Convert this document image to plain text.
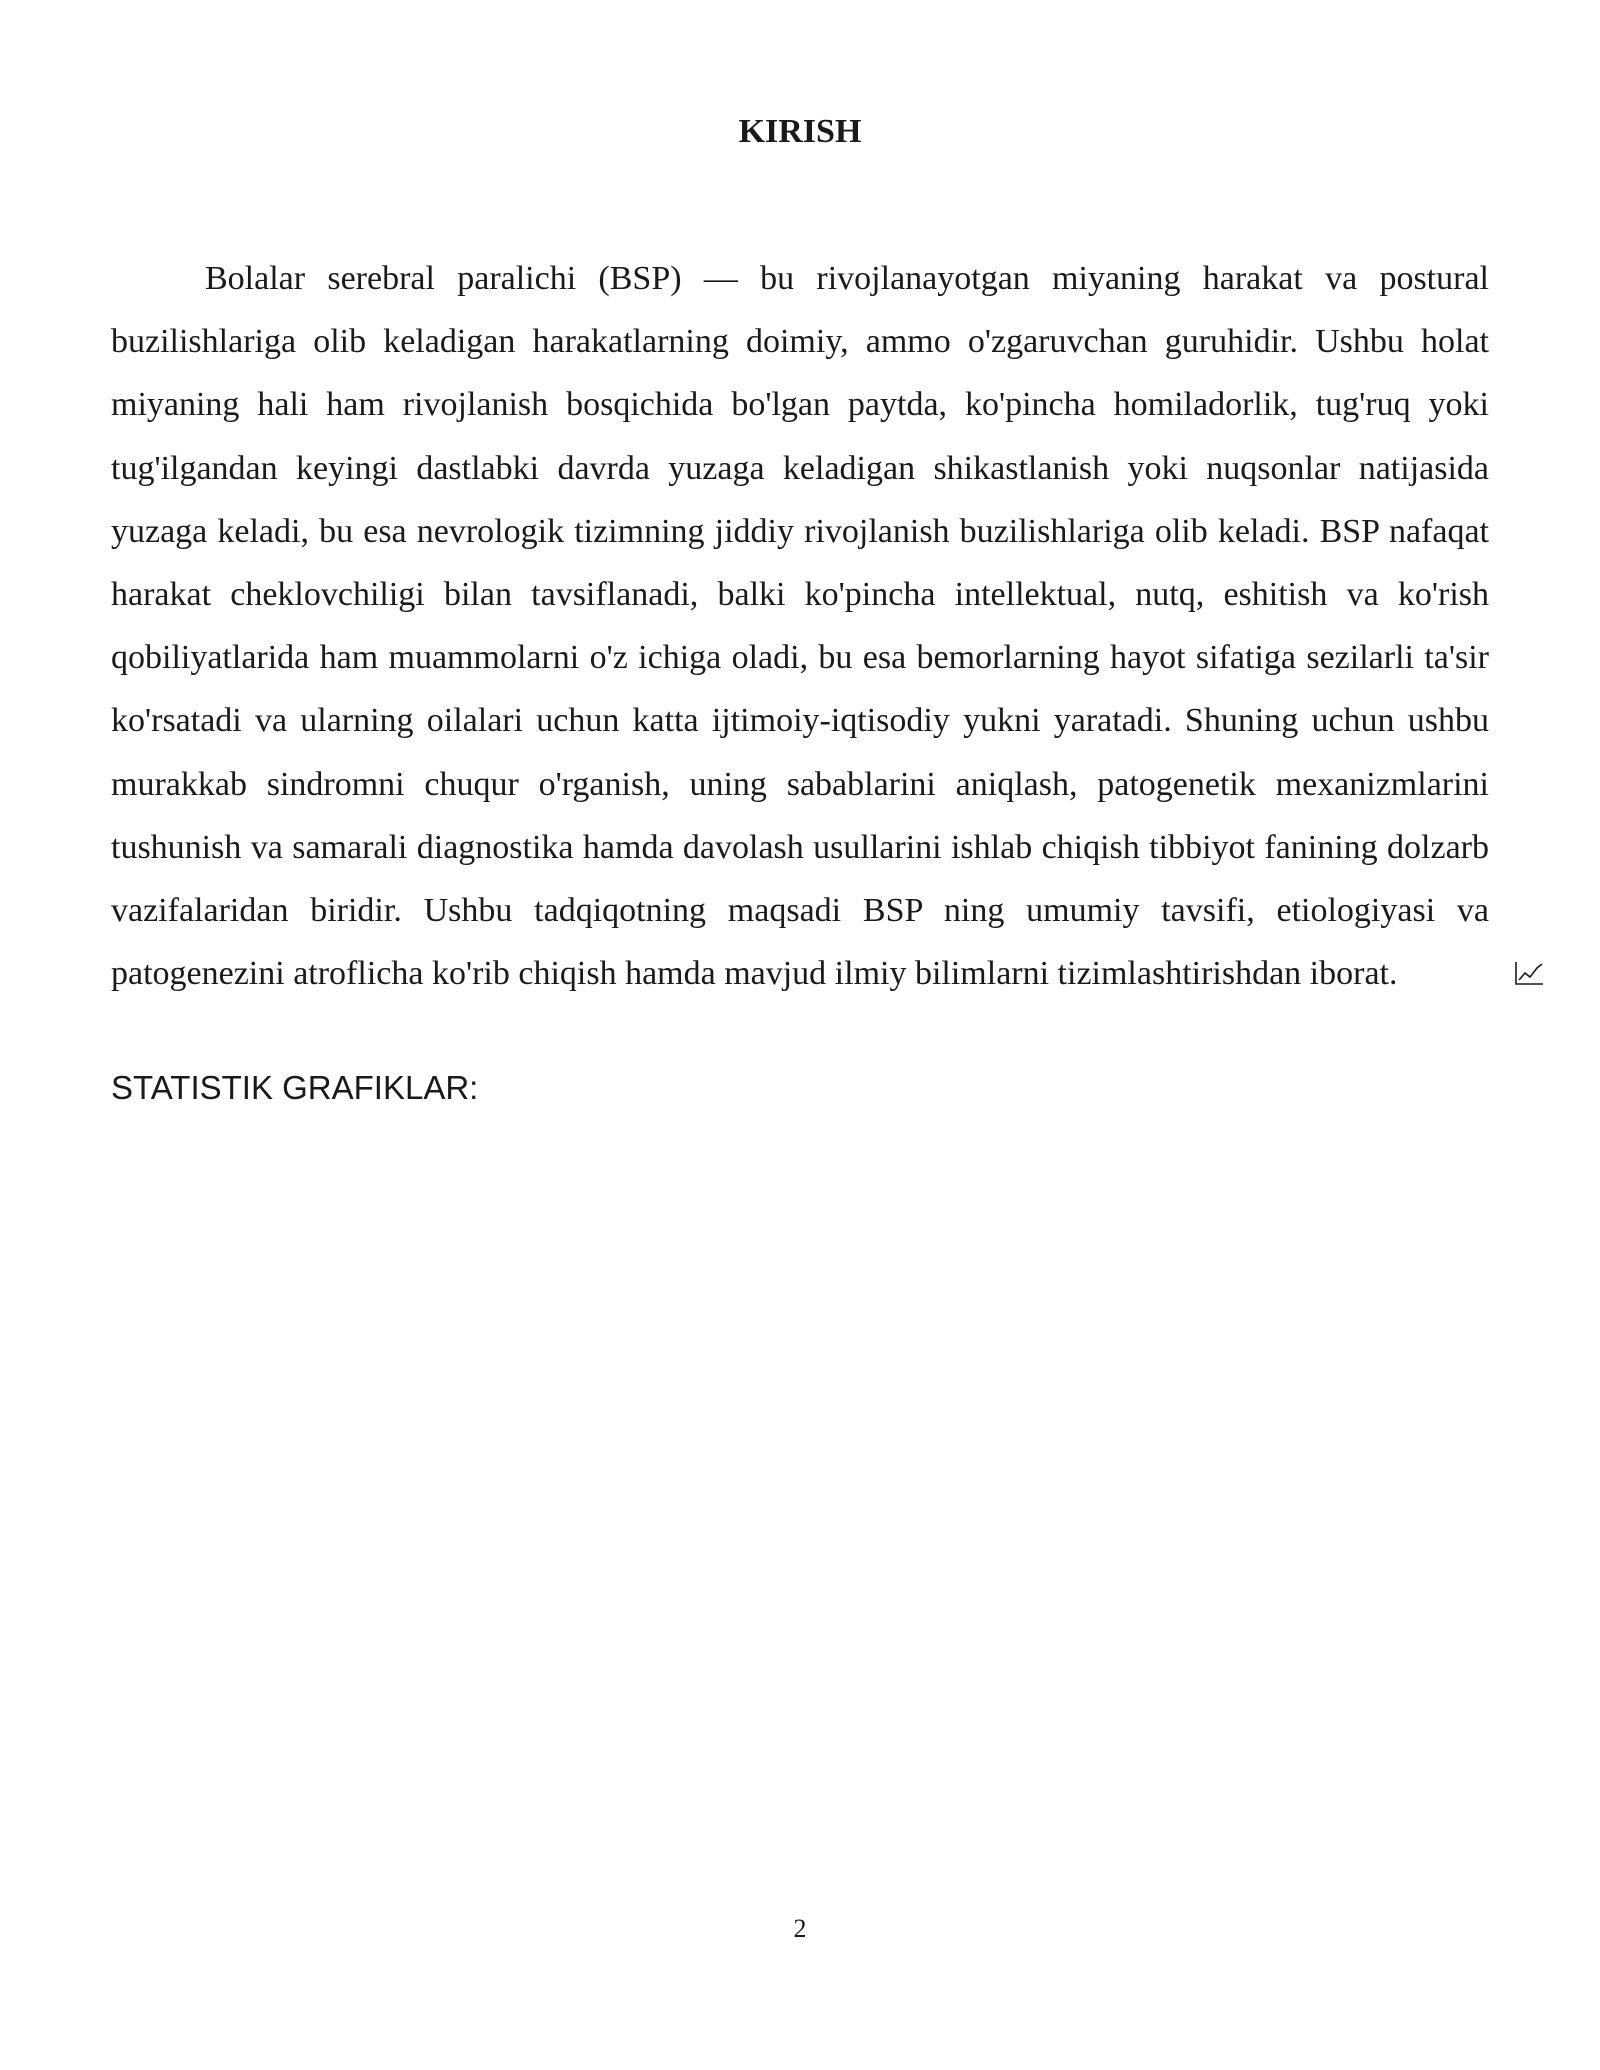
KIRISH

Bolalar serebral paralichi (BSP) — bu rivojlanayotgan miyaning harakat va postural buzilishlariga olib keladigan harakatlarning doimiy, ammo o'zgaruvchan guruhidir. Ushbu holat miyaning hali ham rivojlanish bosqichida bo'lgan paytda, ko'pincha homiladorlik, tug'ruq yoki tug'ilgandan keyingi dastlabki davrda yuzaga keladigan shikastlanish yoki nuqsonlar natijasida yuzaga keladi, bu esa nevrologik tizimning jiddiy rivojlanish buzilishlariga olib keladi. BSP nafaqat harakat cheklovchiligi bilan tavsiflanadi, balki ko'pincha intellektual, nutq, eshitish va ko'rish qobiliyatlarida ham muammolarni o'z ichiga oladi, bu esa bemorlarning hayot sifatiga sezilarli ta'sir ko'rsatadi va ularning oilalari uchun katta ijtimoiy-iqtisodiy yukni yaratadi. Shuning uchun ushbu murakkab sindromni chuqur o'rganish, uning sabablarini aniqlash, patogenetik mexanizmlarini tushunish va samarali diagnostika hamda davolash usullarini ishlab chiqish tibbiyot fanining dolzarb vazifalaridan biridir. Ushbu tadqiqotning maqsadi BSP ning umumiy tavsifi, etiologiyasi va patogenezini atroflicha ko'rib chiqish hamda mavjud ilmiy bilimlarni tizimlashtirishdan iborat.

STATISTIK GRAFIKLAR:

2
